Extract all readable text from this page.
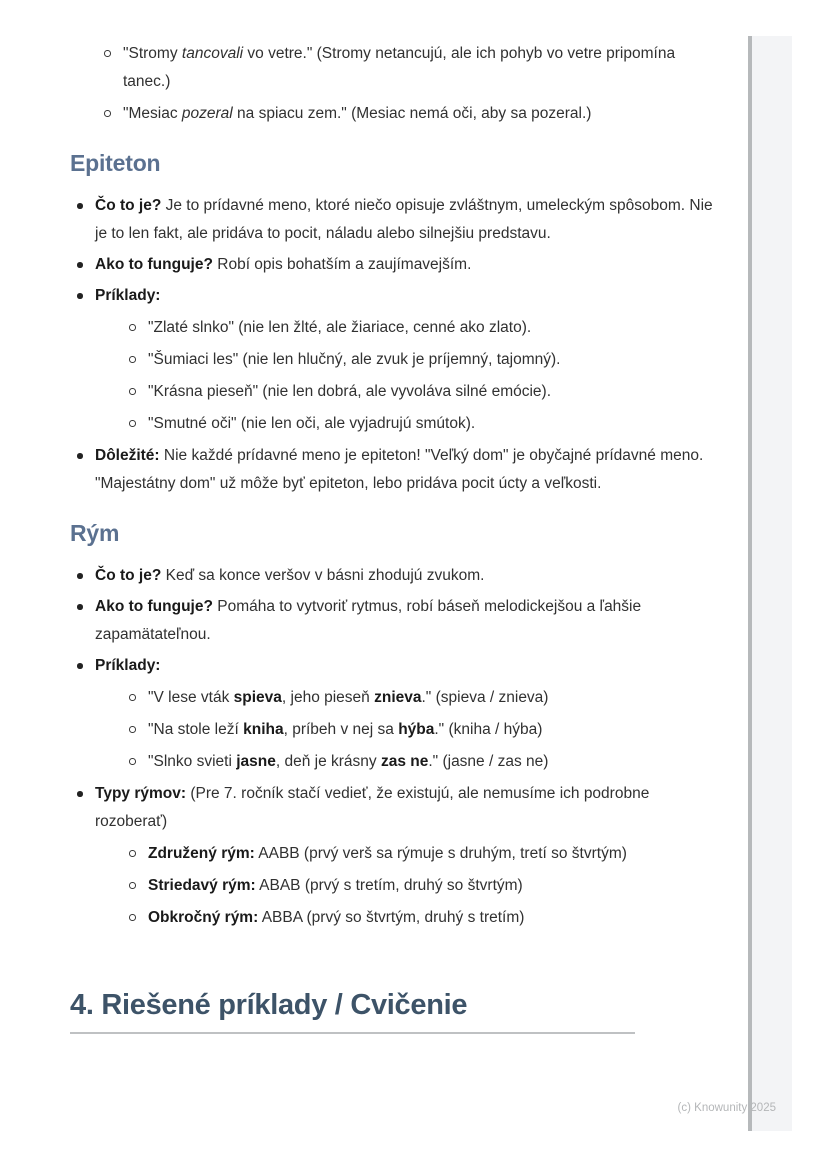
"Stromy tancovali vo vetre." (Stromy netancujú, ale ich pohyb vo vetre pripomína tanec.)
"Mesiac pozeral na spiacu zem." (Mesiac nemá oči, aby sa pozeral.)
Epiteton
Čo to je? Je to prídavné meno, ktoré niečo opisuje zvláštnym, umeleckým spôsobom. Nie je to len fakt, ale pridáva to pocit, náladu alebo silnejšiu predstavu.
Ako to funguje? Robí opis bohatším a zaujímavejším.
Príklady:
"Zlaté slnko" (nie len žlté, ale žiariace, cenné ako zlato).
"Šumiaci les" (nie len hlučný, ale zvuk je príjemný, tajomný).
"Krásna pieseň" (nie len dobrá, ale vyvoláva silné emócie).
"Smutné oči" (nie len oči, ale vyjadrujú smútok).
Dôležité: Nie každé prídavné meno je epiteton! "Veľký dom" je obyčajné prídavné meno. "Majestátny dom" už môže byť epiteton, lebo pridáva pocit úcty a veľkosti.
Rým
Čo to je? Keď sa konce veršov v básni zhodujú zvukom.
Ako to funguje? Pomáha to vytvoriť rytmus, robí báseň melodickejšou a ľahšie zapamätateľnou.
Príklady:
"V lese vták spieva, jeho pieseň znieva." (spieva / znieva)
"Na stole leží kniha, príbeh v nej sa hýba." (kniha / hýba)
"Slnko svieti jasne, deň je krásny zas ne." (jasne / zas ne)
Typy rýmov: (Pre 7. ročník stačí vedieť, že existujú, ale nemusíme ich podrobne rozoberať)
Združený rým: AABB (prvý verš sa rýmuje s druhým, tretí so štvrtým)
Striedavý rým: ABAB (prvý s tretím, druhý so štvrtým)
Obkročný rým: ABBA (prvý so štvrtým, druhý s tretím)
4. Riešené príklady / Cvičenie
(c) Knowunity 2025
